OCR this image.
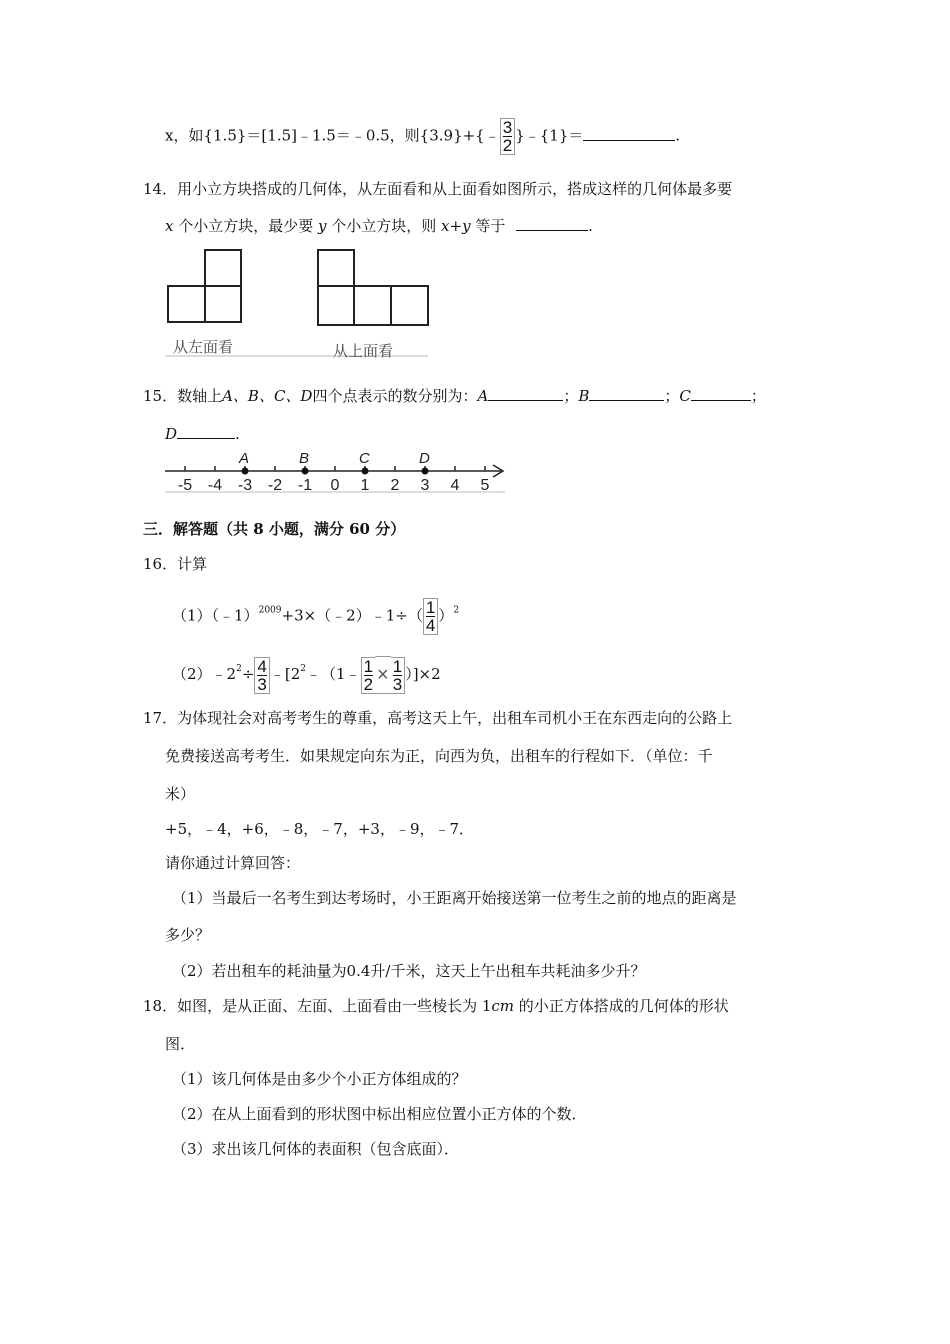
x，如{1.5}＝[1.5]﹣1.5＝﹣0.5，则{3.9}+{﹣ $\frac{3}{2}$ }﹣{1}＝	.
14．用小立方块搭成的几何体，从左面看和从上面看如图所示，搭成这样的几何体最多要
x 个小立方块，最少要 y 个小立方块，则 x+y 等于	.
从左面看	从上面看
15．数轴上A、B、C、D四个点表示的数分别为：A	；B	；C	；
D	.
-5 -4 -3 -2 -1 0 1 2 3 4 5
A	B	C	D
三．解答题（共 8 小题，满分 60 分）
16．计算
（1）（﹣1）$^{2009}$+3×（﹣2）﹣1÷（ $\frac{1}{4} )^2$
$(2)﹣2^2\div \frac{4}{3}$ $﹣[2^2﹣(1﹣ \frac{1}{2} \times \frac{1}{3} )]\times 2$
17．为体现社会对高考考生的尊重，高考这天上午，出租车司机小王在东西走向的公路上
免费接送高考考生．如果规定向东为正，向西为负，出租车的行程如下．（单位：千
米）
+5，﹣4，+6，﹣8，﹣7，+3，﹣9，﹣7．
请你通过计算回答：
（1）当最后一名考生到达考场时，小王距离开始接送第一位考生之前的地点的距离是
多少？
（2）若出租车的耗油量为0.4升/千米，这天上午出租车共耗油多少升？
18．如图，是从正面、左面、上面看由一些棱长为 1cm 的小正方体搭成的几何体的形状
图．
（1）该几何体是由多少个小正方体组成的？
（2）在从上面看到的形状图中标出相应位置小正方体的个数．
（3）求出该几何体的表面积（包含底面）．
